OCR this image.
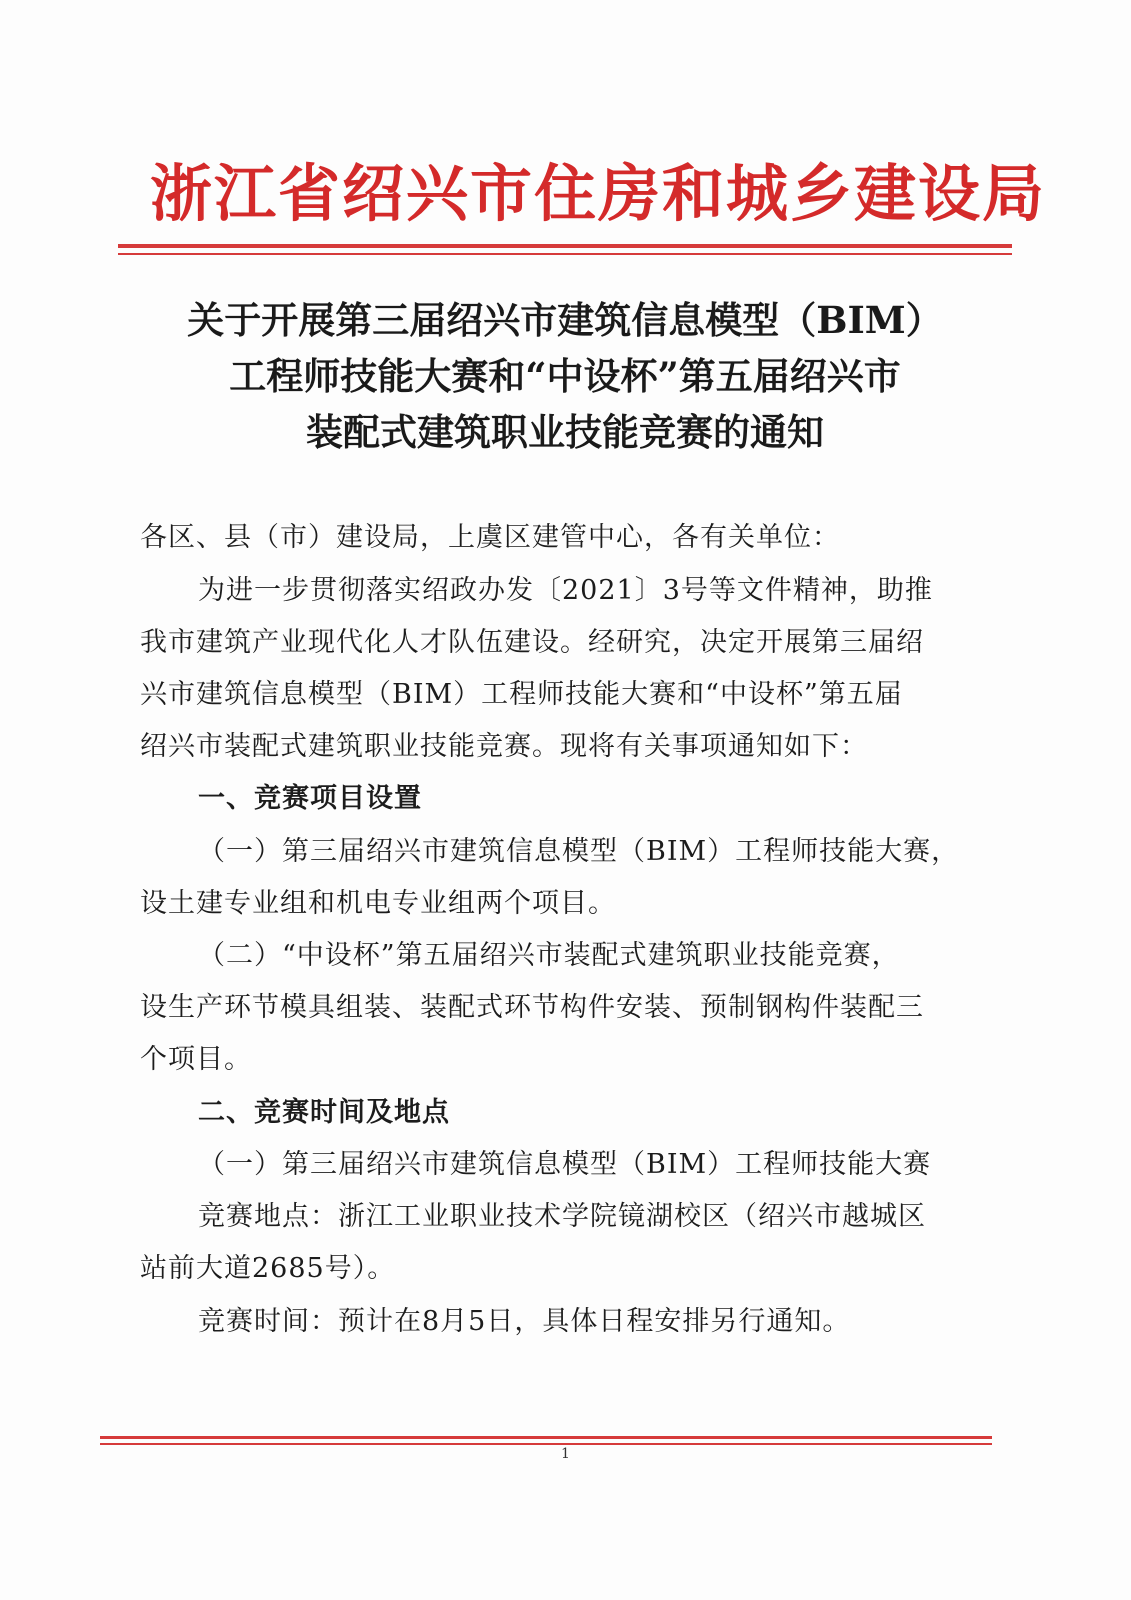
浙江省绍兴市住房和城乡建设局
关于开展第三届绍兴市建筑信息模型（BIM）
工程师技能大赛和“中设杯”第五届绍兴市
装配式建筑职业技能竞赛的通知
各区、县（市）建设局，上虞区建管中心，各有关单位：
为进一步贯彻落实绍政办发〔2021〕3号等文件精神，助推
我市建筑产业现代化人才队伍建设。经研究，决定开展第三届绍
兴市建筑信息模型（BIM）工程师技能大赛和“中设杯”第五届
绍兴市装配式建筑职业技能竞赛。现将有关事项通知如下：
一、竞赛项目设置
（一）第三届绍兴市建筑信息模型（BIM）工程师技能大赛，
设土建专业组和机电专业组两个项目。
（二）“中设杯”第五届绍兴市装配式建筑职业技能竞赛，
设生产环节模具组装、装配式环节构件安装、预制钢构件装配三
个项目。
二、竞赛时间及地点
（一）第三届绍兴市建筑信息模型（BIM）工程师技能大赛
竞赛地点：浙江工业职业技术学院镜湖校区（绍兴市越城区
站前大道2685号）。
竞赛时间：预计在8月5日，具体日程安排另行通知。
1
